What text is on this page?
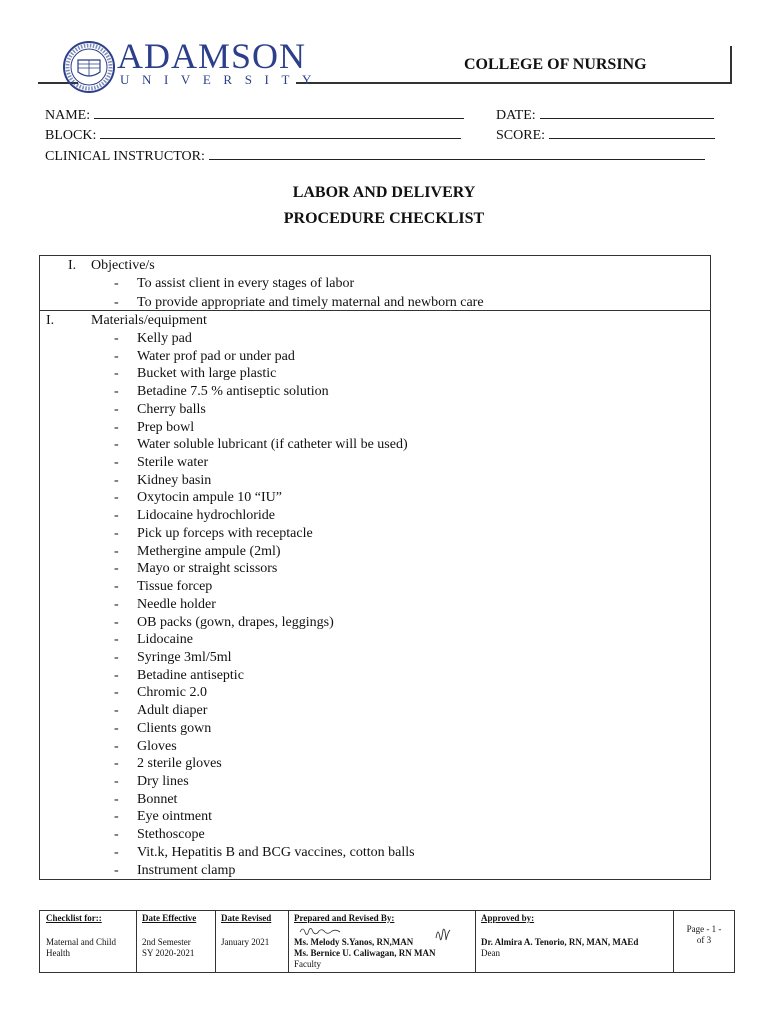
ADAMSON
UNIVERSITY
COLLEGE OF NURSING
NAME:	DATE:
BLOCK:	SCORE:
CLINICAL INSTRUCTOR:
LABOR AND DELIVERY
PROCEDURE CHECKLIST
I. Objective/s
- To assist client in every stages of labor
- To provide appropriate and timely maternal and newborn care
I.	Materials/equipment
- Kelly pad
- Water prof pad or under pad
- Bucket with large plastic
- Betadine 7.5 % antiseptic solution
- Cherry balls
- Prep bowl
- Water soluble lubricant (if catheter will be used)
- Sterile water
- Kidney basin
- Oxytocin ampule 10 “IU”
- Lidocaine hydrochloride
- Pick up forceps with receptacle
- Methergine ampule (2ml)
- Mayo or straight scissors
- Tissue forcep
- Needle holder
- OB packs (gown, drapes, leggings)
- Lidocaine
- Syringe 3ml/5ml
- Betadine antiseptic
- Chromic 2.0
- Adult diaper
- Clients gown
- Gloves
- 2 sterile gloves
- Dry lines
- Bonnet
- Eye ointment
- Stethoscope
- Vit.k, Hepatitis B and BCG vaccines, cotton balls
- Instrument clamp
Checklist for::
Maternal and Child
Health
Date Effective
2nd Semester
SY 2020-2021
Date Revised
January 2021
Prepared and Revised By:
Ms. Melody S.Yanos, RN,MAN
Ms. Bernice U. Caliwagan, RN MAN
Faculty
Approved by:
Dr. Almira A. Tenorio, RN, MAN, MAEd
Dean
Page - 1 -
of 3
